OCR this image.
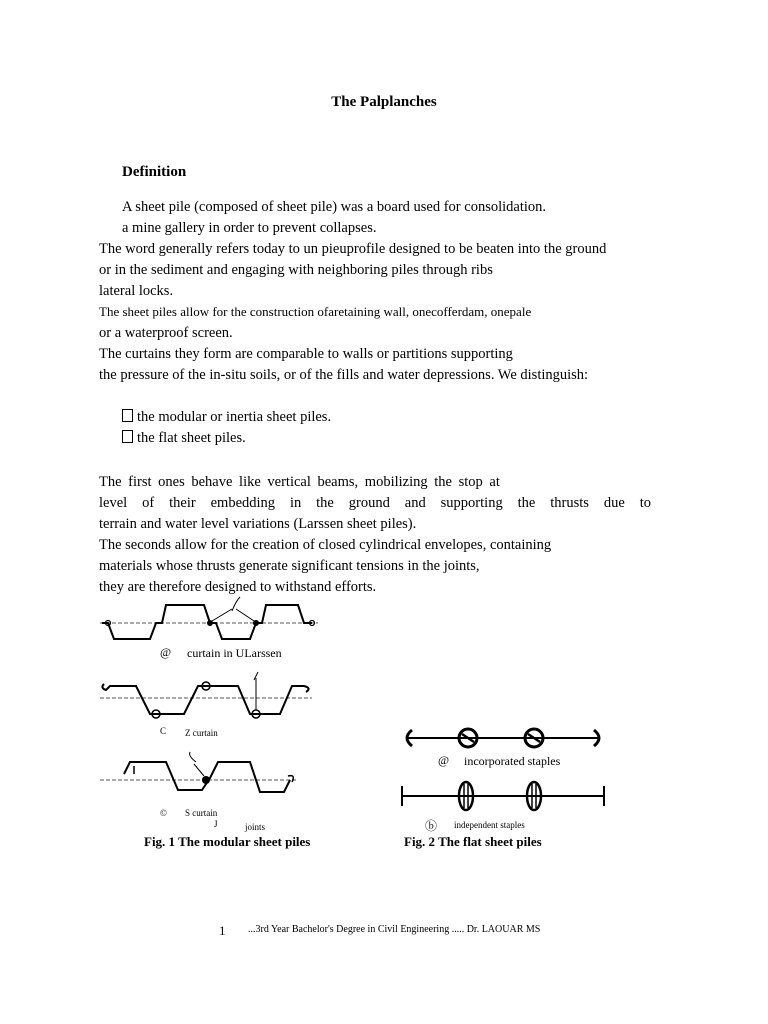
The Palplanches
Definition
A sheet pile (composed of sheet pile) was a board used for consolidation.
a mine gallery in order to prevent collapses.
The word generally refers today to un pieuprofile designed to be beaten into the ground
or in the sediment and engaging with neighboring piles through ribs
lateral locks.
The sheet piles allow for the construction ofaretaining wall, onecofferdam, onepale
or a waterproof screen.
The curtains they form are comparable to walls or partitions supporting
the pressure of the in-situ soils, or of the fills and water depressions. We distinguish:
the modular or inertia sheet piles.
the flat sheet piles.
The first ones behave like vertical beams, mobilizing the stop at
level of their embedding in the ground and supporting the thrusts due to
terrain and water level variations (Larssen sheet piles).
The seconds allow for the creation of closed cylindrical envelopes, containing
materials whose thrusts generate significant tensions in the joints,
they are therefore designed to withstand efforts.
@ curtain in ULarssen
C Z curtain
© S curtain
J	joints
Fig. 1 The modular sheet piles
@ incorporated staples
ⓑ independent staples
Fig. 2 The flat sheet piles
1 ...3rd Year Bachelor's Degree in Civil Engineering ..... Dr. LAOUAR MS
